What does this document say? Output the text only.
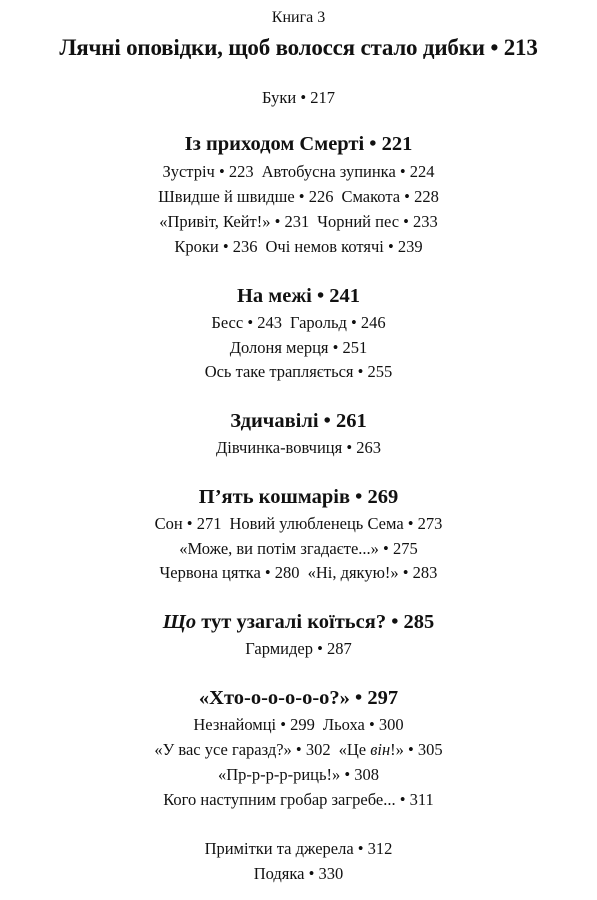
Книга 3
Лячні оповідки, щоб волосся стало дибки • 213
Буки • 217
Із приходом Смерті • 221
Зустріч • 223 Автобусна зупинка • 224
Швидше й швидше • 226 Смакота • 228
«Привіт, Кейт!» • 231 Чорний пес • 233
Кроки • 236 Очі немов котячі • 239
На межі • 241
Бесс • 243 Гарольд • 246
Долоня мерця • 251
Ось таке трапляється • 255
Здичавілі • 261
Дівчинка-вовчиця • 263
П’ять кошмарів • 269
Сон • 271 Новий улюбленець Сема • 273
«Може, ви потім згадаєте...» • 275
Червона цятка • 280 «Ні, дякую!» • 283
Що тут узагалі коїться? • 285
Гармидер • 287
«Хто-о-о-о-о-о?» • 297
Незнайомці • 299 Льоха • 300
«У вас усе гаразд?» • 302 «Це він!» • 305
«Пр-р-р-р-риць!» • 308
Кого наступним гробар загребе... • 311
Примітки та джерела • 312
Подяка • 330
